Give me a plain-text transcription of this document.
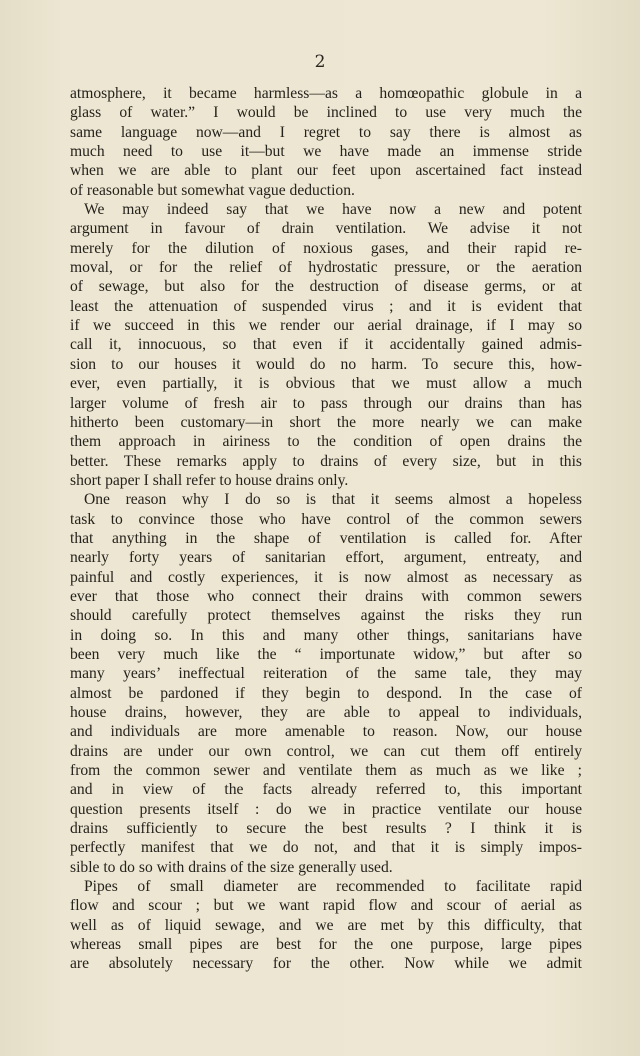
2
atmosphere, it became harmless—as a homœopathic globule in a
glass of water.” I would be inclined to use very much the
same language now—and I regret to say there is almost as
much need to use it—but we have made an immense stride
when we are able to plant our feet upon ascertained fact instead
of reasonable but somewhat vague deduction.
We may indeed say that we have now a new and potent
argument in favour of drain ventilation. We advise it not
merely for the dilution of noxious gases, and their rapid re-
moval, or for the relief of hydrostatic pressure, or the aeration
of sewage, but also for the destruction of disease germs, or at
least the attenuation of suspended virus ; and it is evident that
if we succeed in this we render our aerial drainage, if I may so
call it, innocuous, so that even if it accidentally gained admis-
sion to our houses it would do no harm. To secure this, how-
ever, even partially, it is obvious that we must allow a much
larger volume of fresh air to pass through our drains than has
hitherto been customary—in short the more nearly we can make
them approach in airiness to the condition of open drains the
better. These remarks apply to drains of every size, but in this
short paper I shall refer to house drains only.
One reason why I do so is that it seems almost a hopeless
task to convince those who have control of the common sewers
that anything in the shape of ventilation is called for. After
nearly forty years of sanitarian effort, argument, entreaty, and
painful and costly experiences, it is now almost as necessary as
ever that those who connect their drains with common sewers
should carefully protect themselves against the risks they run
in doing so. In this and many other things, sanitarians have
been very much like the “ importunate widow,” but after so
many years’ ineffectual reiteration of the same tale, they may
almost be pardoned if they begin to despond. In the case of
house drains, however, they are able to appeal to individuals,
and individuals are more amenable to reason. Now, our house
drains are under our own control, we can cut them off entirely
from the common sewer and ventilate them as much as we like ;
and in view of the facts already referred to, this important
question presents itself : do we in practice ventilate our house
drains sufficiently to secure the best results ? I think it is
perfectly manifest that we do not, and that it is simply impos-
sible to do so with drains of the size generally used.
Pipes of small diameter are recommended to facilitate rapid
flow and scour ; but we want rapid flow and scour of aerial as
well as of liquid sewage, and we are met by this difficulty, that
whereas small pipes are best for the one purpose, large pipes
are absolutely necessary for the other. Now while we admit
